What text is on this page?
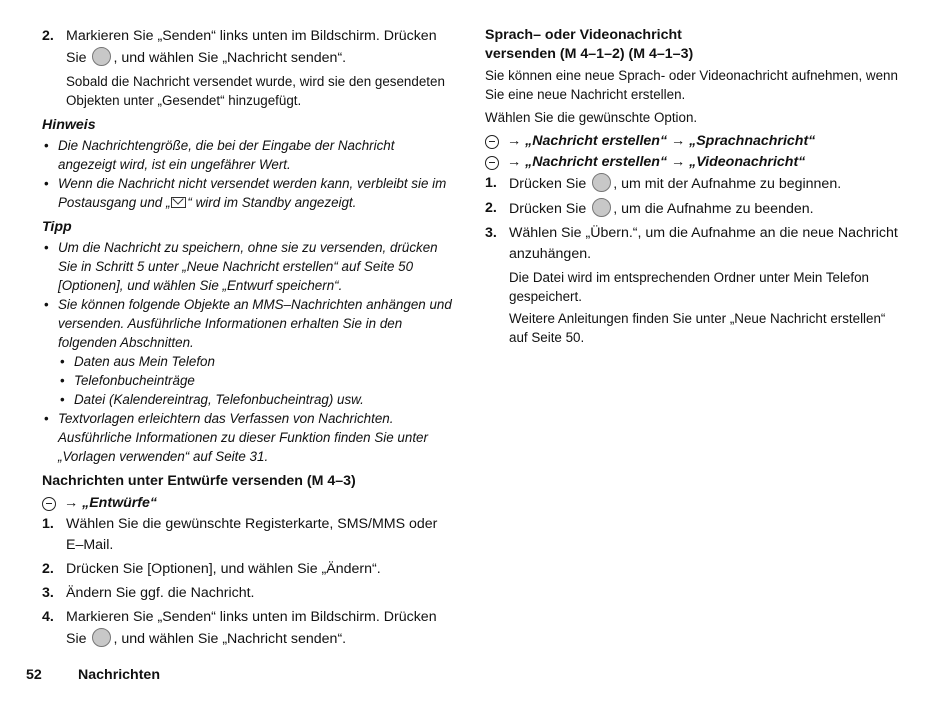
2. Markieren Sie „Senden“ links unten im Bildschirm. Drücken Sie , und wählen Sie „Nachricht senden“.

Sobald die Nachricht versendet wurde, wird sie den gesendeten Objekten unter „Gesendet“ hinzugefügt.

Hinweis

• Die Nachrichtengröße, die bei der Eingabe der Nachricht angezeigt wird, ist ein ungefährer Wert.

• Wenn die Nachricht nicht versendet werden kann, verbleibt sie im Postausgang und „ “ wird im Standby angezeigt.

Tipp

• Um die Nachricht zu speichern, ohne sie zu versenden, drücken Sie in Schritt 5 unter „Neue Nachricht erstellen“ auf Seite 50 [Optionen], und wählen Sie „Entwurf speichern“.

• Sie können folgende Objekte an MMS–Nachrichten anhängen und versenden. Ausführliche Informationen erhalten Sie in den folgenden Abschnitten.

• Daten aus Mein Telefon

• Telefonbucheinträge

• Datei (Kalendereintrag, Telefonbucheintrag) usw.

• Textvorlagen erleichtern das Verfassen von Nachrichten. Ausführliche Informationen zu dieser Funktion finden Sie unter „Vorlagen verwenden“ auf Seite 31.

Nachrichten unter Entwürfe versenden (M 4–3)

→ „Entwürfe“

1. Wählen Sie die gewünschte Registerkarte, SMS/MMS oder E–Mail.
2. Drücken Sie [Optionen], und wählen Sie „Ändern“.
3. Ändern Sie ggf. die Nachricht.
4. Markieren Sie „Senden“ links unten im Bildschirm. Drücken Sie , und wählen Sie „Nachricht senden“.

Sprach– oder Videonachricht
versenden (M 4–1–2) (M 4–1–3)

Sie können eine neue Sprach- oder Videonachricht aufnehmen, wenn Sie eine neue Nachricht erstellen.

Wählen Sie die gewünschte Option.

→ „Nachricht erstellen“ → „Sprachnachricht“

→ „Nachricht erstellen“ → „Videonachricht“

1. Drücken Sie , um mit der Aufnahme zu beginnen.
2. Drücken Sie , um die Aufnahme zu beenden.
3. Wählen Sie „Übern.“, um die Aufnahme an die neue Nachricht anzuhängen.

Die Datei wird im entsprechenden Ordner unter Mein Telefon gespeichert.

Weitere Anleitungen finden Sie unter „Neue Nachricht erstellen“ auf Seite 50.

52	Nachrichten
